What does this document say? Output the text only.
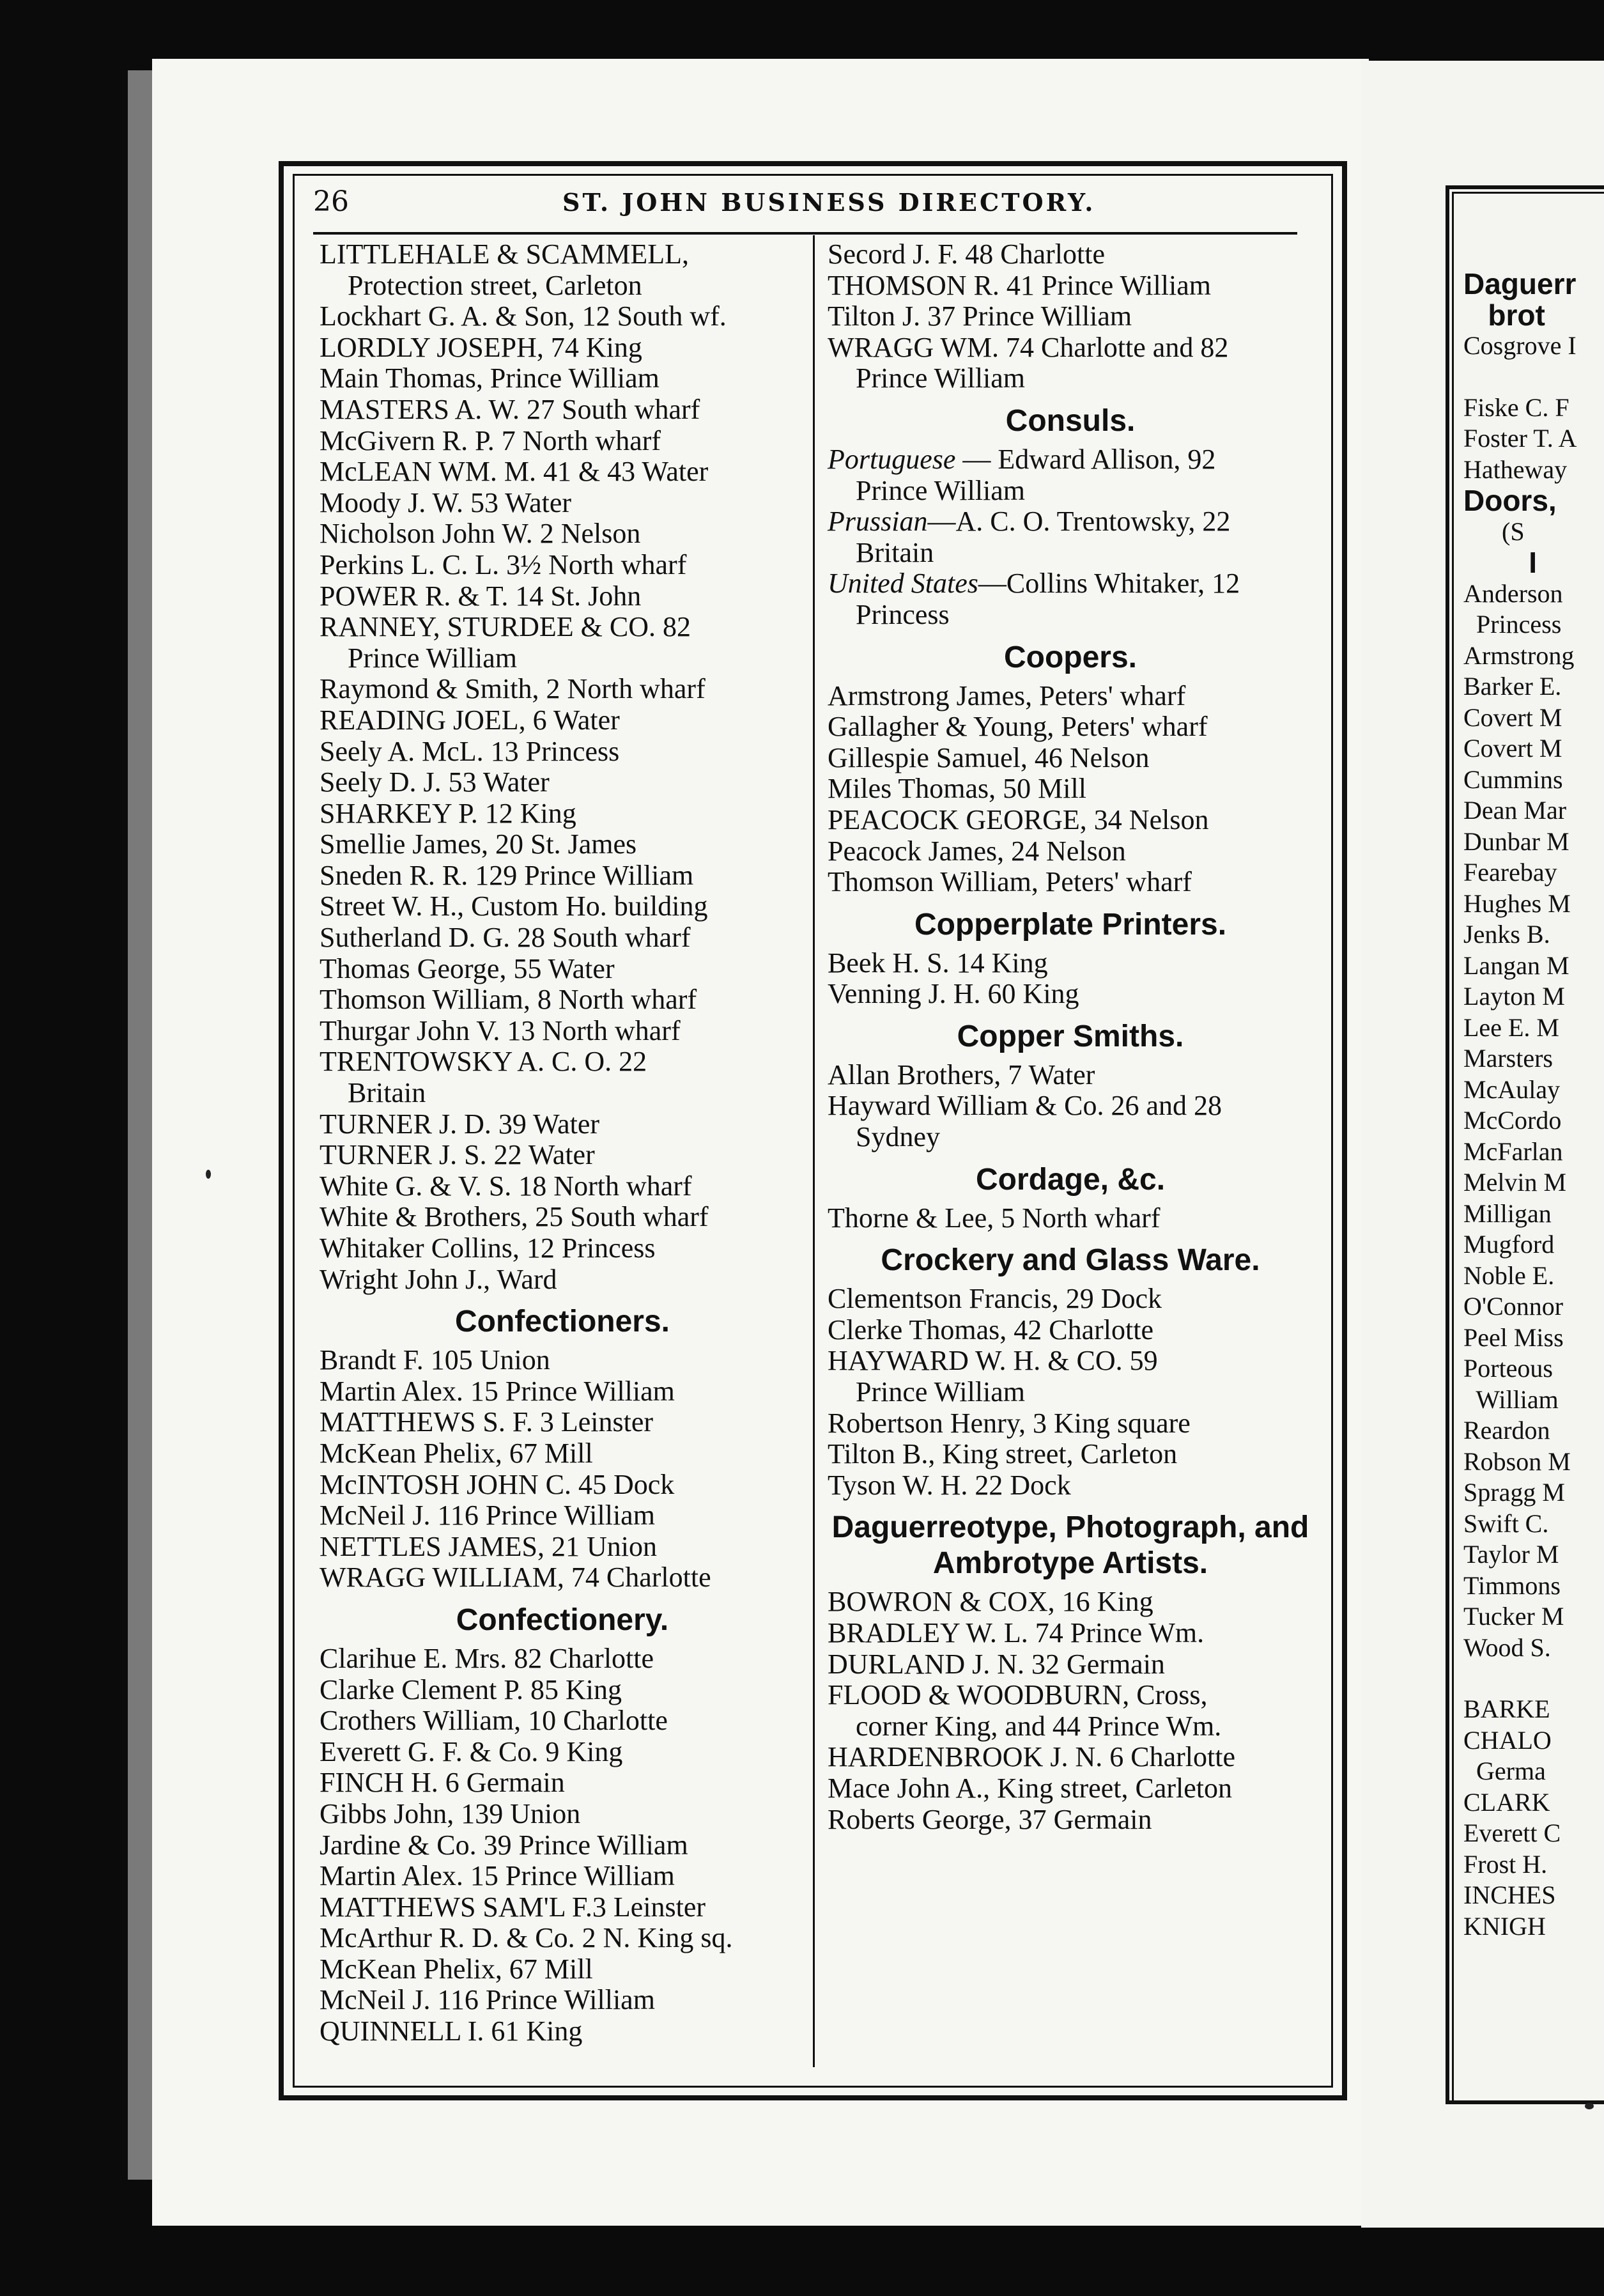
Daguerr
brot
Cosgrove I
Fiske C. F
Foster T. A
Hatheway
Doors,
(S
I
Anderson
Princess
Armstrong
Barker E.
Covert M
Covert M
Cummins
Dean Mar
Dunbar M
Fearebay
Hughes M
Jenks B.
Langan M
Layton M
Lee E. M
Marsters
McAulay
McCordo
McFarlan
Melvin M
Milligan
Mugford
Noble E.
O'Connor
Peel Miss
Porteous
William
Reardon
Robson M
Spragg M
Swift C.
Taylor M
Timmons
Tucker M
Wood S.
BARKE
CHALO
Germa
CLARK
Everett C
Frost H.
INCHES
KNIGH
26	ST. JOHN BUSINESS DIRECTORY.
LITTLEHALE & SCAMMELL,
Protection street, Carleton
Lockhart G. A. & Son, 12 South wf.
LORDLY JOSEPH, 74 King
Main Thomas, Prince William
MASTERS A. W. 27 South wharf
McGivern R. P. 7 North wharf
McLEAN WM. M. 41 & 43 Water
Moody J. W. 53 Water
Nicholson John W. 2 Nelson
Perkins L. C. L. 3½ North wharf
POWER R. & T. 14 St. John
RANNEY, STURDEE & CO. 82
Prince William
Raymond & Smith, 2 North wharf
READING JOEL, 6 Water
Seely A. McL. 13 Princess
Seely D. J. 53 Water
SHARKEY P. 12 King
Smellie James, 20 St. James
Sneden R. R. 129 Prince William
Street W. H., Custom Ho. building
Sutherland D. G. 28 South wharf
Thomas George, 55 Water
Thomson William, 8 North wharf
Thurgar John V. 13 North wharf
TRENTOWSKY A. C. O. 22
Britain
TURNER J. D. 39 Water
TURNER J. S. 22 Water
White G. & V. S. 18 North wharf
White & Brothers, 25 South wharf
Whitaker Collins, 12 Princess
Wright John J., Ward
Confectioners.
Brandt F. 105 Union
Martin Alex. 15 Prince William
MATTHEWS S. F. 3 Leinster
McKean Phelix, 67 Mill
McINTOSH JOHN C. 45 Dock
McNeil J. 116 Prince William
NETTLES JAMES, 21 Union
WRAGG WILLIAM, 74 Charlotte
Confectionery.
Clarihue E. Mrs. 82 Charlotte
Clarke Clement P. 85 King
Crothers William, 10 Charlotte
Everett G. F. & Co. 9 King
FINCH H. 6 Germain
Gibbs John, 139 Union
Jardine & Co. 39 Prince William
Martin Alex. 15 Prince William
MATTHEWS SAM'L F.3 Leinster
McArthur R. D. & Co. 2 N. King sq.
McKean Phelix, 67 Mill
McNeil J. 116 Prince William
QUINNELL I. 61 King
Secord J. F. 48 Charlotte
THOMSON R. 41 Prince William
Tilton J. 37 Prince William
WRAGG WM. 74 Charlotte and 82
Prince William
Consuls.
Portuguese — Edward Allison, 92
Prince William
Prussian—A. C. O. Trentowsky, 22
Britain
United States—Collins Whitaker, 12
Princess
Coopers.
Armstrong James, Peters' wharf
Gallagher & Young, Peters' wharf
Gillespie Samuel, 46 Nelson
Miles Thomas, 50 Mill
PEACOCK GEORGE, 34 Nelson
Peacock James, 24 Nelson
Thomson William, Peters' wharf
Copperplate Printers.
Beek H. S. 14 King
Venning J. H. 60 King
Copper Smiths.
Allan Brothers, 7 Water
Hayward William & Co. 26 and 28
Sydney
Cordage, &c.
Thorne & Lee, 5 North wharf
Crockery and Glass Ware.
Clementson Francis, 29 Dock
Clerke Thomas, 42 Charlotte
HAYWARD W. H. & CO. 59
Prince William
Robertson Henry, 3 King square
Tilton B., King street, Carleton
Tyson W. H. 22 Dock
Daguerreotype, Photograph, and Ambrotype Artists.
BOWRON & COX, 16 King
BRADLEY W. L. 74 Prince Wm.
DURLAND J. N. 32 Germain
FLOOD & WOODBURN, Cross,
corner King, and 44 Prince Wm.
HARDENBROOK J. N. 6 Charlotte
Mace John A., King street, Carleton
Roberts George, 37 Germain
